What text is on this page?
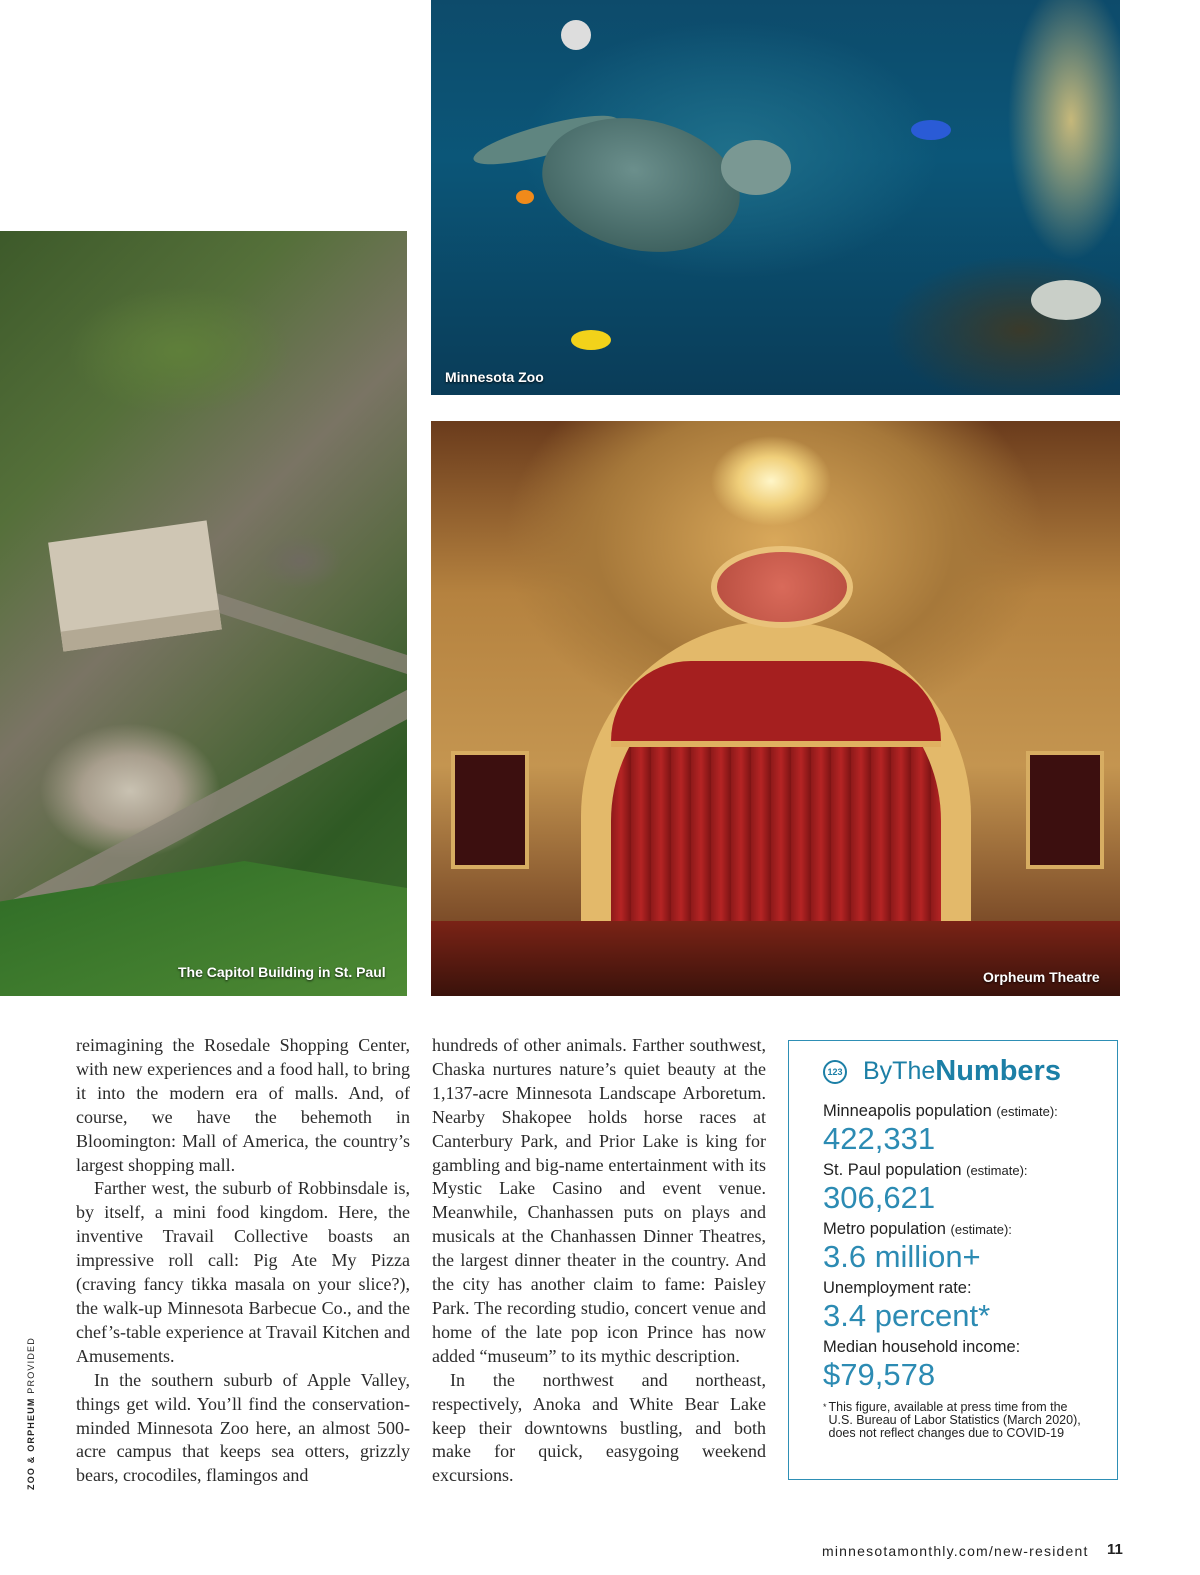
The Capitol Building in St. Paul
Minnesota Zoo
Orpheum Theatre

reimagining the Rosedale Shopping Center, with new experiences and a food hall, to bring it into the modern era of malls. And, of course, we have the behemoth in Bloomington: Mall of America, the country’s largest shopping mall.

Farther west, the suburb of Robbinsdale is, by itself, a mini food kingdom. Here, the inventive Travail Collective boasts an impressive roll call: Pig Ate My Pizza (craving fancy tikka masala on your slice?), the walk-up Minnesota Barbecue Co., and the chef’s-table experience at Travail Kitchen and Amusements.

In the southern suburb of Apple Valley, things get wild. You’ll find the conservation-minded Minnesota Zoo here, an almost 500-acre campus that keeps sea otters, grizzly bears, crocodiles, flamingos and

hundreds of other animals. Farther southwest, Chaska nurtures nature’s quiet beauty at the 1,137-acre Minnesota Landscape Arboretum. Nearby Shakopee holds horse races at Canterbury Park, and Prior Lake is king for gambling and big-name entertainment with its Mystic Lake Casino and event venue. Meanwhile, Chanhassen puts on plays and musicals at the Chanhassen Dinner Theatres, the largest dinner theater in the country. And the city has another claim to fame: Paisley Park. The recording studio, concert venue and home of the late pop icon Prince has now added “museum” to its mythic description.

In the northwest and northeast, respectively, Anoka and White Bear Lake keep their downtowns bustling, and both make for quick, easygoing weekend excursions.

123 ByThe Numbers
Minneapolis population (estimate):
422,331
St. Paul population (estimate):
306,621
Metro population (estimate):
3.6 million+
Unemployment rate:
3.4 percent*
Median household income:
$79,578
* This figure, available at press time from the U.S. Bureau of Labor Statistics (March 2020), does not reflect changes due to COVID-19
ZOO & ORPHEUM PROVIDED
minnesotamonthly.com/new-resident 11
